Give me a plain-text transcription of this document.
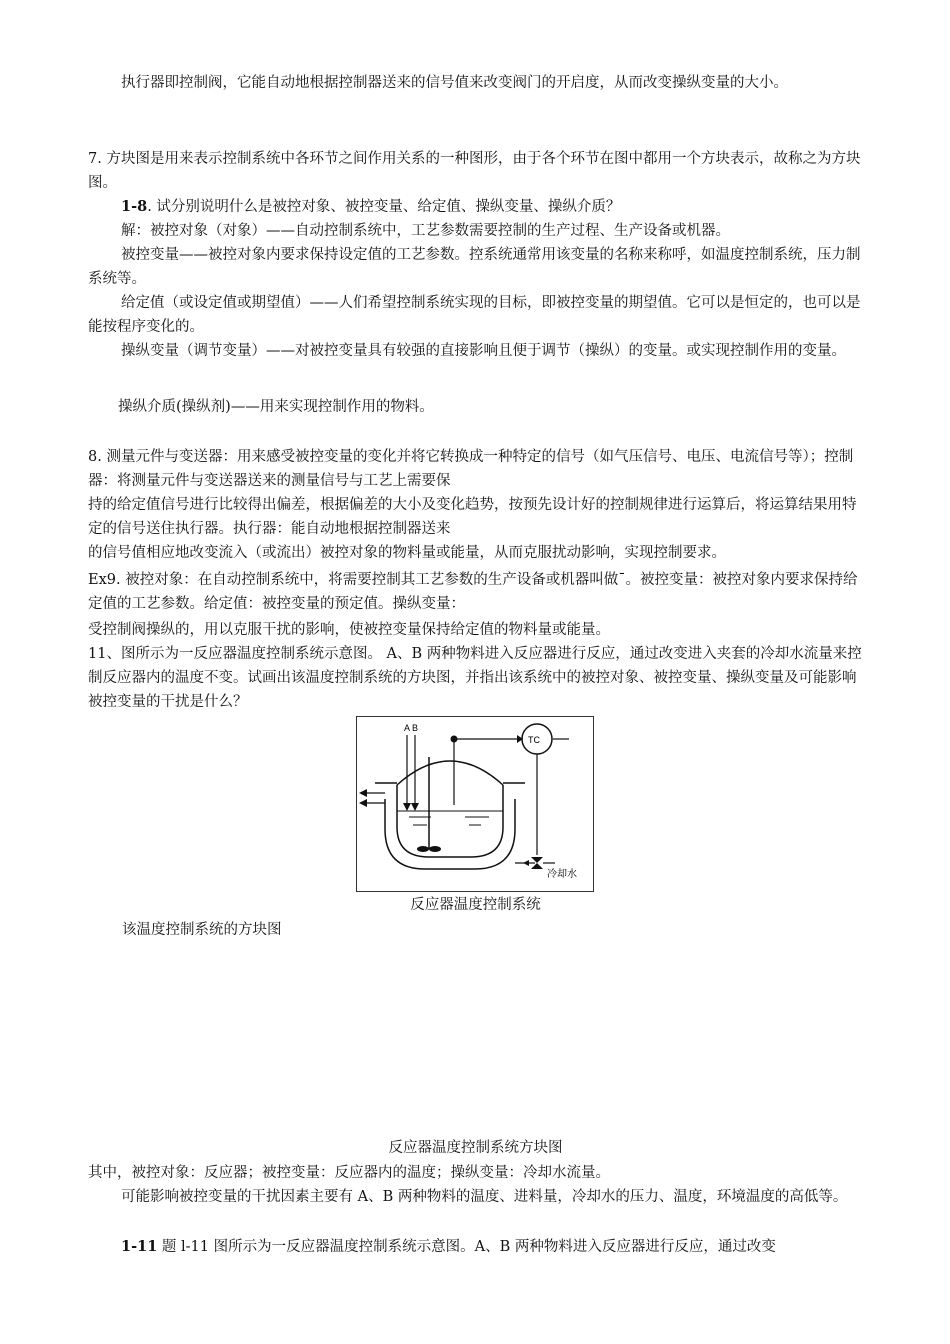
执行器即控制阀，它能自动地根据控制器送来的信号值来改变阀门的开启度，从而改变操纵变量的大小。

7. 方块图是用来表示控制系统中各环节之间作用关系的一种图形，由于各个环节在图中都用一个方块表示，故称之为方块图。

1-8. 试分别说明什么是被控对象、被控变量、给定值、操纵变量、操纵介质？

解：被控对象（对象）——自动控制系统中，工艺参数需要控制的生产过程、生产设备或机器。

被控变量——被控对象内要求保持设定值的工艺参数。控系统通常用该变量的名称来称呼，如温度控制系统，压力制系统等。

给定值（或设定值或期望值）——人们希望控制系统实现的目标，即被控变量的期望值。它可以是恒定的，也可以是能按程序变化的。

操纵变量（调节变量）——对被控变量具有较强的直接影响且便于调节（操纵）的变量。或实现控制作用的变量。

操纵介质(操纵剂)——用来实现控制作用的物料。

8. 测量元件与变送器：用来感受被控变量的变化并将它转换成一种特定的信号（如气压信号、电压、电流信号等）；控制器：将测量元件与变送器送来的测量信号与工艺上需要保

持的给定值信号进行比较得出偏差，根据偏差的大小及变化趋势，按预先设计好的控制规律进行运算后，将运算结果用特定的信号送住执行器。执行器：能自动地根据控制器送来

的信号值相应地改变流入（或流出）被控对象的物料量或能量，从而克服扰动影响，实现控制要求。

Ex9. 被控对象：在自动控制系统中，将需要控制其工艺参数的生产设备或机器叫做ˉ。被控变量：被控对象内要求保持给定值的工艺参数。给定值：被控变量的预定值。操纵变量：

受控制阀操纵的，用以克服干扰的影响，使被控变量保持给定值的物料量或能量。

11、图所示为一反应器温度控制系统示意图。 A、B 两种物料进入反应器进行反应，通过改变进入夹套的冷却水流量来控制反应器内的温度不变。试画出该温度控制系统的方块图，并指出该系统中的被控对象、被控变量、操纵变量及可能影响被控变量的干扰是什么？

A B
TC
冷却水
反应器温度控制系统

该温度控制系统的方块图

反应器温度控制系统方块图

其中，被控对象：反应器；被控变量：反应器内的温度；操纵变量：冷却水流量。

可能影响被控变量的干扰因素主要有 A、B 两种物料的温度、进料量，冷却水的压力、温度，环境温度的高低等。

1-11 题 l-11 图所示为一反应器温度控制系统示意图。A、B 两种物料进入反应器进行反应，通过改变
